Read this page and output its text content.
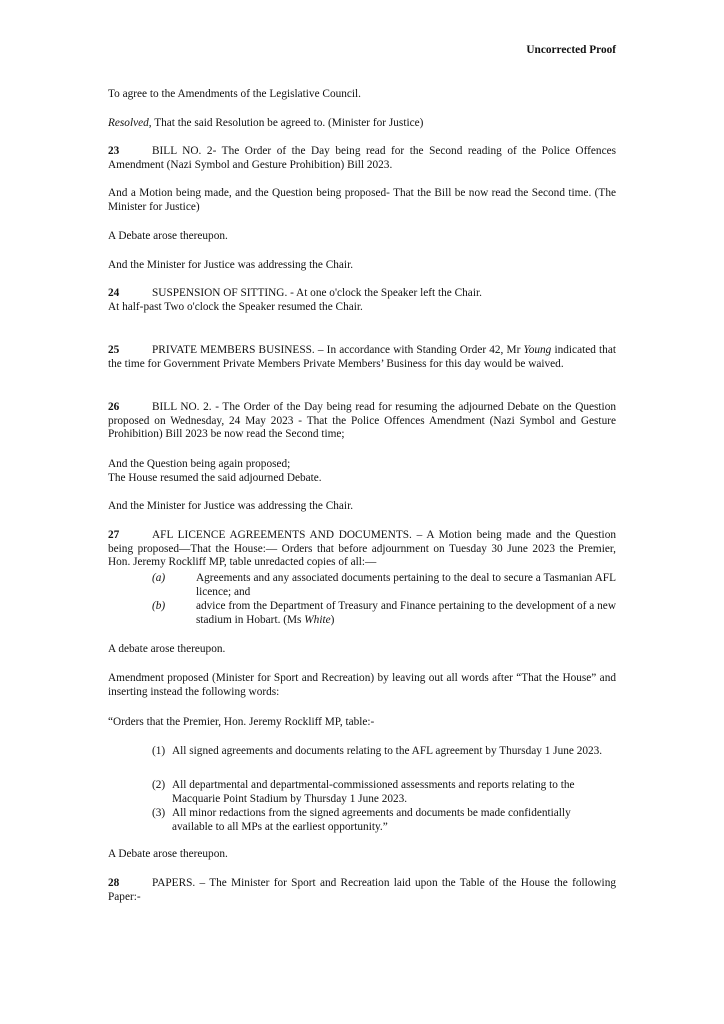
Uncorrected Proof

To agree to the Amendments of the Legislative Council.

Resolved, That the said Resolution be agreed to. (Minister for Justice)

23	BILL NO. 2- The Order of the Day being read for the Second reading of the Police Offences Amendment (Nazi Symbol and Gesture Prohibition) Bill 2023.

And a Motion being made, and the Question being proposed- That the Bill be now read the Second time. (The Minister for Justice)

A Debate arose thereupon.

And the Minister for Justice was addressing the Chair.

24	SUSPENSION OF SITTING. - At one o'clock the Speaker left the Chair.
At half-past Two o'clock the Speaker resumed the Chair.

25	PRIVATE MEMBERS BUSINESS. – In accordance with Standing Order 42, Mr Young indicated that the time for Government Private Members Private Members’ Business for this day would be waived.

26	BILL NO. 2. - The Order of the Day being read for resuming the adjourned Debate on the Question proposed on Wednesday, 24 May 2023 - That the Police Offences Amendment (Nazi Symbol and Gesture Prohibition) Bill 2023 be now read the Second time;

And the Question being again proposed;
The House resumed the said adjourned Debate.

And the Minister for Justice was addressing the Chair.

27	AFL LICENCE AGREEMENTS AND DOCUMENTS. – A Motion being made and the Question being proposed—That the House:— Orders that before adjournment on Tuesday 30 June 2023 the Premier, Hon. Jeremy Rockliff MP, table unredacted copies of all:—

(a)	Agreements and any associated documents pertaining to the deal to secure a Tasmanian AFL licence; and
(b)	advice from the Department of Treasury and Finance pertaining to the development of a new stadium in Hobart. (Ms White)

A debate arose thereupon.

Amendment proposed (Minister for Sport and Recreation) by leaving out all words after “That the House” and inserting instead the following words:

“Orders that the Premier, Hon. Jeremy Rockliff MP, table:-

(1) All signed agreements and documents relating to the AFL agreement by Thursday 1 June 2023.
(2) All departmental and departmental-commissioned assessments and reports relating to the Macquarie Point Stadium by Thursday 1 June 2023.
(3) All minor redactions from the signed agreements and documents be made confidentially available to all MPs at the earliest opportunity.”

A Debate arose thereupon.

28	PAPERS. – The Minister for Sport and Recreation laid upon the Table of the House the following Paper:-
